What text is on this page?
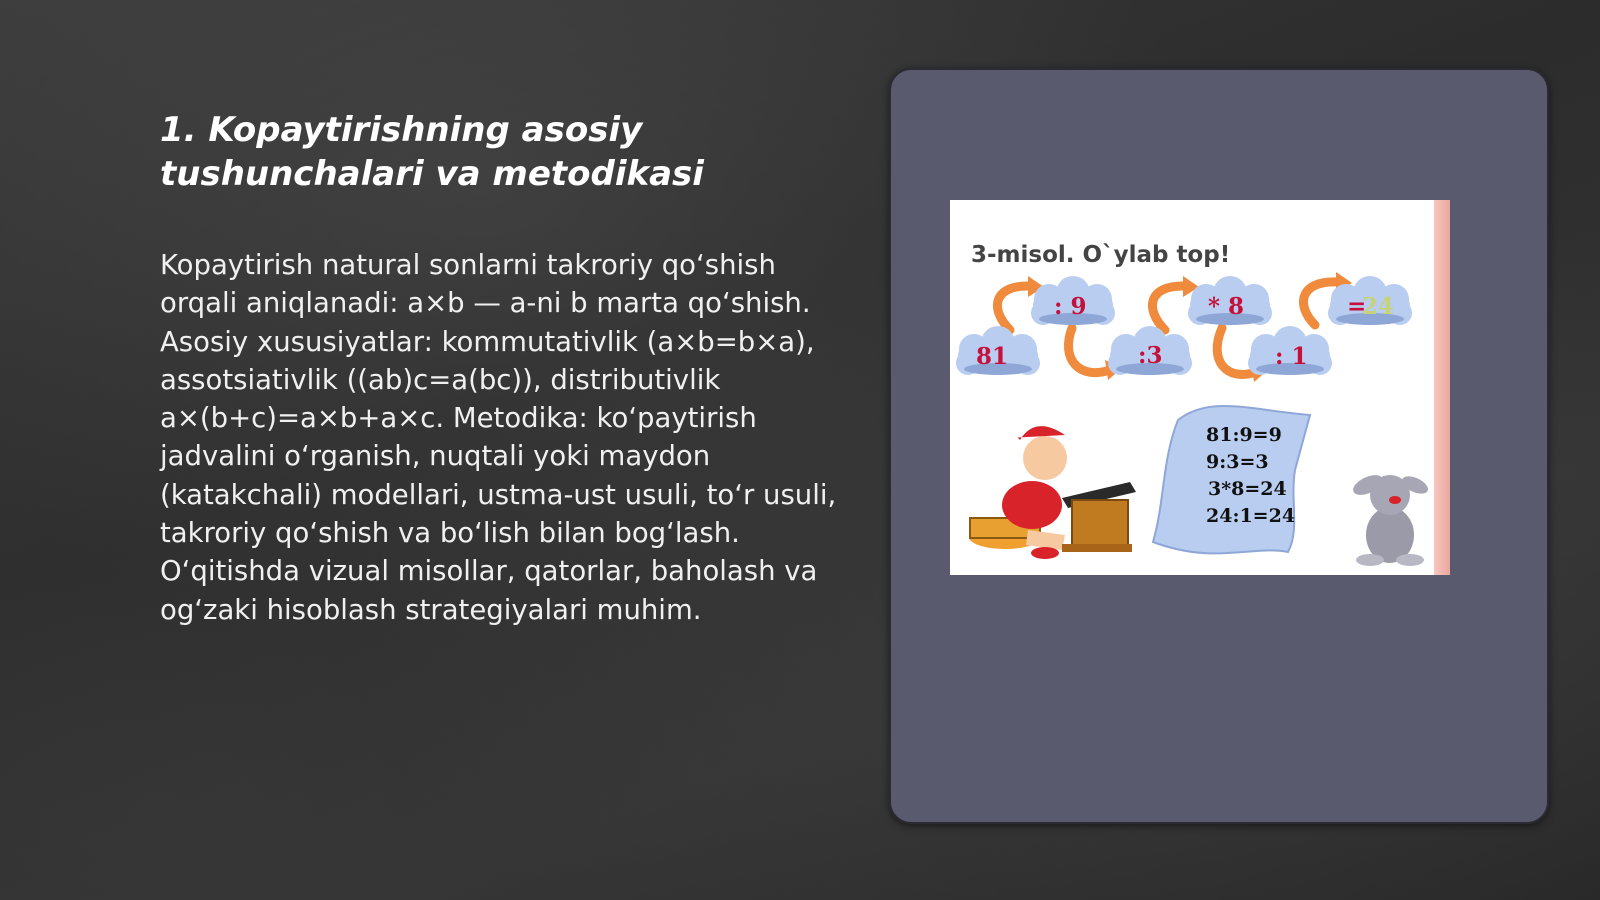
1. Kopaytirishning asosiy
tushunchalari va metodikasi
Kopaytirish natural sonlarni takroriy qo‘shish orqali aniqlanadi: a×b — a-ni b marta qo‘shish. Asosiy xususiyatlar: kommutativlik (a×b=b×a), assotsiativlik ((ab)c=a(bc)), distributivlik a×(b+c)=a×b+a×c. Metodika: ko‘paytirish jadvalini o‘rganish, nuqtali yoki maydon (katakchali) modellari, ustma-ust usuli, to‘r usuli, takroriy qo‘shish va bo‘lish bilan bog‘lash. O‘qitishda vizual misollar, qatorlar, baholash va og‘zaki hisoblash strategiyalari muhim.
81
: 9
:3
* 8
: 1
=
24
3-misol. O`ylab top!
81:9=9
9:3=3
3*8=24
24:1=24
